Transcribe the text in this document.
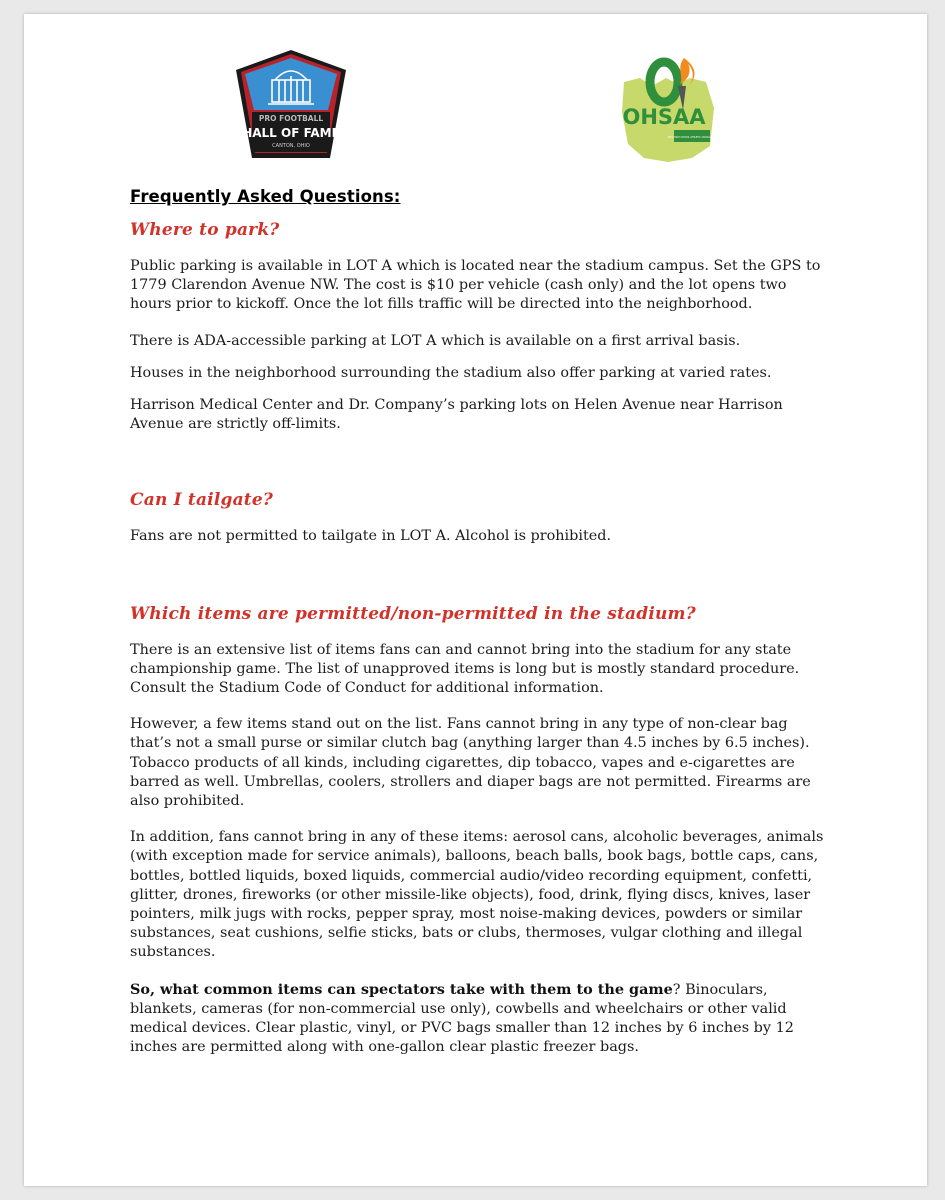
PRO FOOTBALL
HALL OF FAME
CANTON, OHIO
OHSAA
OHIO HIGH SCHOOL ATHLETIC ASSOCIATION
Frequently Asked Questions:
Where to park?

Public parking is available in LOT A which is located near the stadium campus. Set the GPS to 1779 Clarendon Avenue NW. The cost is $10 per vehicle (cash only) and the lot opens two hours prior to kickoff. Once the lot fills traffic will be directed into the neighborhood.

There is ADA-accessible parking at LOT A which is available on a first arrival basis.

Houses in the neighborhood surrounding the stadium also offer parking at varied rates.

Harrison Medical Center and Dr. Company’s parking lots on Helen Avenue near Harrison Avenue are strictly off-limits.

Can I tailgate?

Fans are not permitted to tailgate in LOT A. Alcohol is prohibited.

Which items are permitted/non-permitted in the stadium?

There is an extensive list of items fans can and cannot bring into the stadium for any state championship game. The list of unapproved items is long but is mostly standard procedure. Consult the Stadium Code of Conduct for additional information.

However, a few items stand out on the list. Fans cannot bring in any type of non-clear bag that’s not a small purse or similar clutch bag (anything larger than 4.5 inches by 6.5 inches). Tobacco products of all kinds, including cigarettes, dip tobacco, vapes and e-cigarettes are barred as well. Umbrellas, coolers, strollers and diaper bags are not permitted. Firearms are also prohibited.

In addition, fans cannot bring in any of these items: aerosol cans, alcoholic beverages, animals (with exception made for service animals), balloons, beach balls, book bags, bottle caps, cans, bottles, bottled liquids, boxed liquids, commercial audio/video recording equipment, confetti, glitter, drones, fireworks (or other missile-like objects), food, drink, flying discs, knives, laser pointers, milk jugs with rocks, pepper spray, most noise-making devices, powders or similar substances, seat cushions, selfie sticks, bats or clubs, thermoses, vulgar clothing and illegal substances.

So, what common items can spectators take with them to the game? Binoculars, blankets, cameras (for non-commercial use only), cowbells and wheelchairs or other valid medical devices. Clear plastic, vinyl, or PVC bags smaller than 12 inches by 6 inches by 12 inches are permitted along with one-gallon clear plastic freezer bags.
